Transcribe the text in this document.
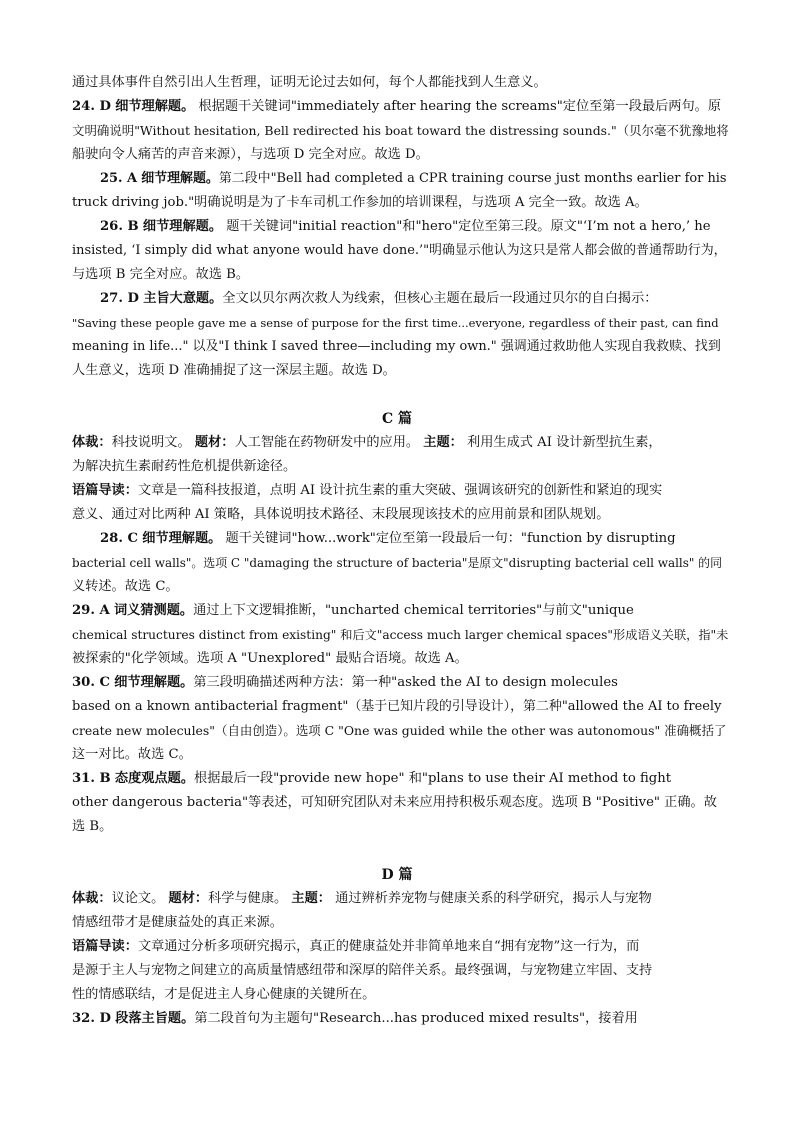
通过具体事件自然引出人生哲理，证明无论过去如何，每个人都能找到人生意义。
24. D 细节理解题。 根据题干关键词"immediately after hearing the screams"定位至第一段最后两句。原
文明确说明"Without hesitation, Bell redirected his boat toward the distressing sounds."（贝尔毫不犹豫地将
船驶向令人痛苦的声音来源），与选项 D 完全对应。故选 D。
25. A 细节理解题。第二段中"Bell had completed a CPR training course just months earlier for his
truck driving job."明确说明是为了卡车司机工作参加的培训课程，与选项 A 完全一致。故选 A。
26. B 细节理解题。 题干关键词"initial reaction"和"hero"定位至第三段。原文"‘I’m not a hero,’ he
insisted, ‘I simply did what anyone would have done.’"明确显示他认为这只是常人都会做的普通帮助行为，
与选项 B 完全对应。故选 B。
27. D 主旨大意题。全文以贝尔两次救人为线索，但核心主题在最后一段通过贝尔的自白揭示：
"Saving these people gave me a sense of purpose for the first time...everyone, regardless of their past, can find
meaning in life..." 以及"I think I saved three—including my own." 强调通过救助他人实现自我救赎、找到
人生意义，选项 D 准确捕捉了这一深层主题。故选 D。
C 篇
体裁：科技说明文。 题材：人工智能在药物研发中的应用。 主题： 利用生成式 AI 设计新型抗生素，
为解决抗生素耐药性危机提供新途径。
语篇导读：文章是一篇科技报道，点明 AI 设计抗生素的重大突破、强调该研究的创新性和紧迫的现实
意义、通过对比两种 AI 策略，具体说明技术路径、末段展现该技术的应用前景和团队规划。
28. C 细节理解题。 题干关键词"how...work"定位至第一段最后一句："function by disrupting
bacterial cell walls"。选项 C "damaging the structure of bacteria"是原文"disrupting bacterial cell walls" 的同
义转述。故选 C。
29. A 词义猜测题。通过上下文逻辑推断，"uncharted chemical territories"与前文"unique
chemical structures distinct from existing" 和后文"access much larger chemical spaces"形成语义关联，指"未
被探索的"化学领域。选项 A "Unexplored" 最贴合语境。故选 A。
30. C 细节理解题。第三段明确描述两种方法：第一种"asked the AI to design molecules
based on a known antibacterial fragment"（基于已知片段的引导设计），第二种"allowed the AI to freely
create new molecules"（自由创造）。选项 C "One was guided while the other was autonomous" 准确概括了
这一对比。故选 C。
31. B 态度观点题。根据最后一段"provide new hope" 和"plans to use their AI method to fight
other dangerous bacteria"等表述，可知研究团队对未来应用持积极乐观态度。选项 B "Positive" 正确。故
选 B。
D 篇
体裁：议论文。 题材：科学与健康。 主题： 通过辨析养宠物与健康关系的科学研究，揭示人与宠物
情感纽带才是健康益处的真正来源。
语篇导读：文章通过分析多项研究揭示，真正的健康益处并非简单地来自“拥有宠物”这一行为，而
是源于主人与宠物之间建立的高质量情感纽带和深厚的陪伴关系。最终强调，与宠物建立牢固、支持
性的情感联结，才是促进主人身心健康的关键所在。
32. D 段落主旨题。第二段首句为主题句"Research...has produced mixed results"，接着用
